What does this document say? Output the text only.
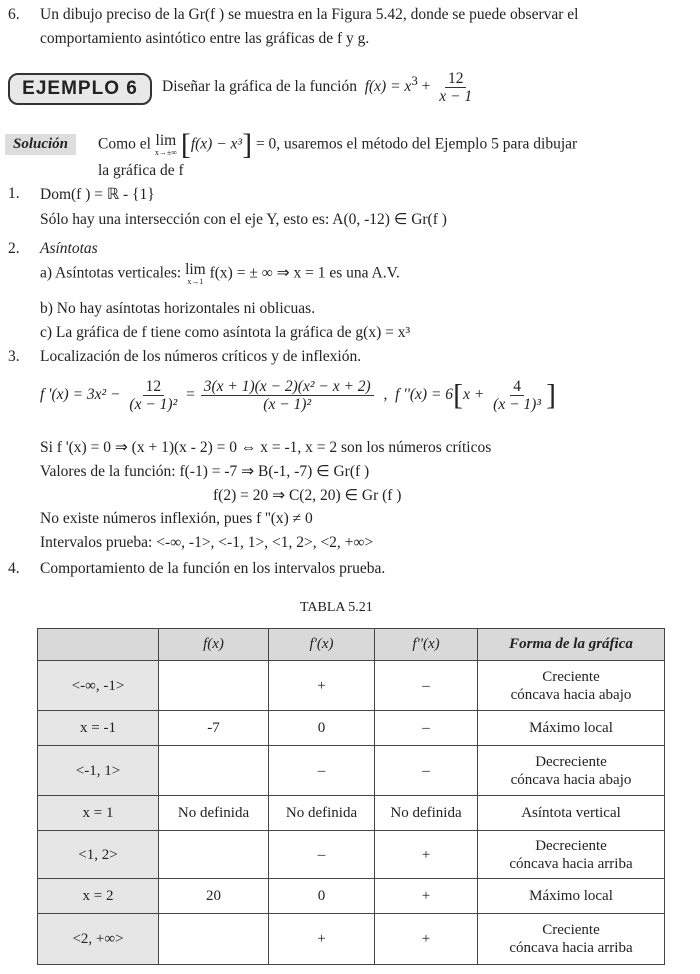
6. Un dibujo preciso de la Gr(f ) se muestra en la Figura 5.42, donde se puede observar el
comportamiento asintótico entre las gráficas de f y g.
EJEMPLO 6	Diseñar la gráfica de la función $f(x) = x^3 + \frac{12}{x - 1}$
Solución	Como el lim
x→±∞ [f(x) − x³] = 0, usaremos el método del Ejemplo 5 para dibujar
la gráfica de f
1. Dom(f ) = ℝ - {1}
Sólo hay una intersección con el eje Y, esto es: A(0, -12) ∈ Gr(f )
2. Asíntotas
a) Asíntotas verticales: lim
x→1 f(x) = ± ∞ ⇒ x = 1 es una A.V.
b) No hay asíntotas horizontales ni oblicuas.
c) La gráfica de f tiene como asíntota la gráfica de g(x) = x³
3. Localización de los números críticos y de inflexión.
f '$(x) = 3x^2 - \frac{12}{\text{(x − 1)²}} = \frac{\text{3(x + 1)(x − 2)(x² − x + 2)}}{\text{(x − 1)²}}$ ,  f ''$(x) = 6[x + \frac{4}{\text{(x − 1)³}}$ ]
Si f '(x) = 0 ⇒ (x + 1)(x - 2) = 0 ⇔ x = -1, x = 2 son los números críticos
Valores de la función: f(-1) = -7 ⇒ B(-1, -7) ∈ Gr(f )
f(2) = 20 ⇒ C(2, 20) ∈ Gr (f )
No existe números inflexión, pues f ''(x) ≠ 0
Intervalos prueba: <-∞, -1>, <-1, 1>, <1, 2>, <2, +∞>
4. Comportamiento de la función en los intervalos prueba.
TABLA 5.21
	f(x)	f'(x)	f''(x)	Forma de la gráfica
<-∞, -1>		+	–	Creciente
cóncava hacia abajo

x = -1	-7	0	–	Máximo local

<-1, 1>		–	–	Decreciente
cóncava hacia abajo

x = 1	No definida	No definida	No definida	Asíntota vertical

<1, 2>		–	+	Decreciente
cóncava hacia arriba

x = 2	20	0	+	Máximo local

<2, +∞>		+	+	Creciente
cóncava hacia arriba
